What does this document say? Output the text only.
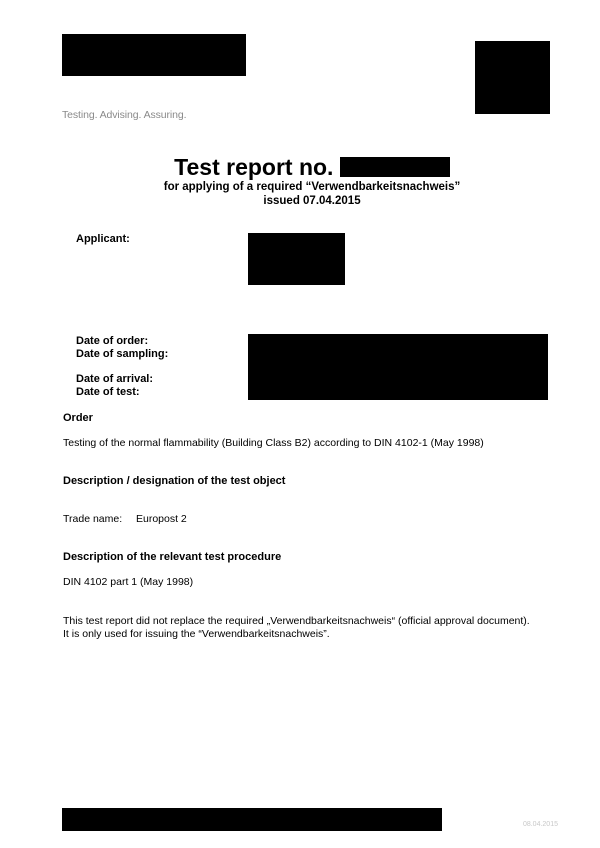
Testing. Advising. Assuring.
Test report no.
for applying of a required “Verwendbarkeitsnachweis”
issued 07.04.2015
Applicant:
Date of order:
Date of sampling:
Date of arrival:
Date of test:
Order
Testing of the normal flammability (Building Class B2) according to DIN 4102-1 (May 1998)
Description / designation of the test object
Trade name: Europost 2
Description of the relevant test procedure
DIN 4102 part 1 (May 1998)
This test report did not replace the required „Verwendbarkeitsnachweis“ (official approval document).
It is only used for issuing the “Verwendbarkeitsnachweis”.
08.04.2015
